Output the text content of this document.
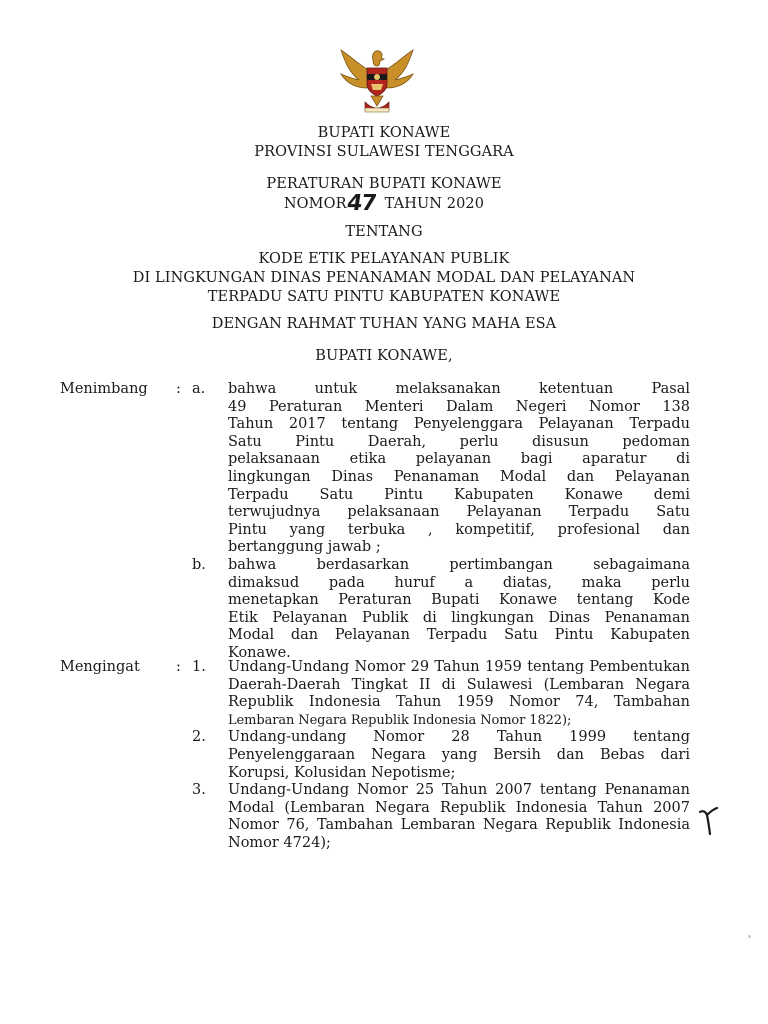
BUPATI KONAWE
PROVINSI SULAWESI TENGGARA
PERATURAN BUPATI KONAWE
NOMOR47 TAHUN 2020
TENTANG
KODE ETIK PELAYANAN PUBLIK
DI LINGKUNGAN DINAS PENANAMAN MODAL DAN PELAYANAN
TERPADU SATU PINTU KABUPATEN KONAWE
DENGAN RAHMAT TUHAN YANG MAHA ESA
BUPATI KONAWE,
Menimbang	: a.	bahwa untuk melaksanakan ketentuan Pasal
49 Peraturan Menteri Dalam Negeri Nomor 138
Tahun 2017 tentang Penyelenggara Pelayanan Terpadu
Satu Pintu Daerah, perlu disusun pedoman
pelaksanaan etika pelayanan bagi aparatur di
lingkungan Dinas Penanaman Modal dan Pelayanan
Terpadu Satu Pintu Kabupaten Konawe demi
terwujudnya pelaksanaan Pelayanan Terpadu Satu
Pintu yang terbuka , kompetitif, profesional dan
bertanggung jawab ;
b.	bahwa berdasarkan pertimbangan sebagaimana
dimaksud pada huruf a diatas, maka perlu
menetapkan Peraturan Bupati Konawe tentang Kode
Etik Pelayanan Publik di lingkungan Dinas Penanaman
Modal dan Pelayanan Terpadu Satu Pintu Kabupaten
Konawe.
Mengingat	: 1.	Undang-Undang Nomor 29 Tahun 1959 tentang Pembentukan
Daerah-Daerah Tingkat II di Sulawesi (Lembaran Negara
Republik Indonesia Tahun 1959 Nomor 74, Tambahan
Lembaran Negara Republik Indonesia Nomor 1822);
2.	Undang-undang Nomor 28 Tahun 1999 tentang
Penyelenggaraan Negara yang Bersih dan Bebas dari
Korupsi, Kolusidan Nepotisme;
3.	Undang-Undang Nomor 25 Tahun 2007 tentang Penanaman
Modal (Lembaran Negara Republik Indonesia Tahun 2007
Nomor 76, Tambahan Lembaran Negara Republik Indonesia
Nomor 4724);
